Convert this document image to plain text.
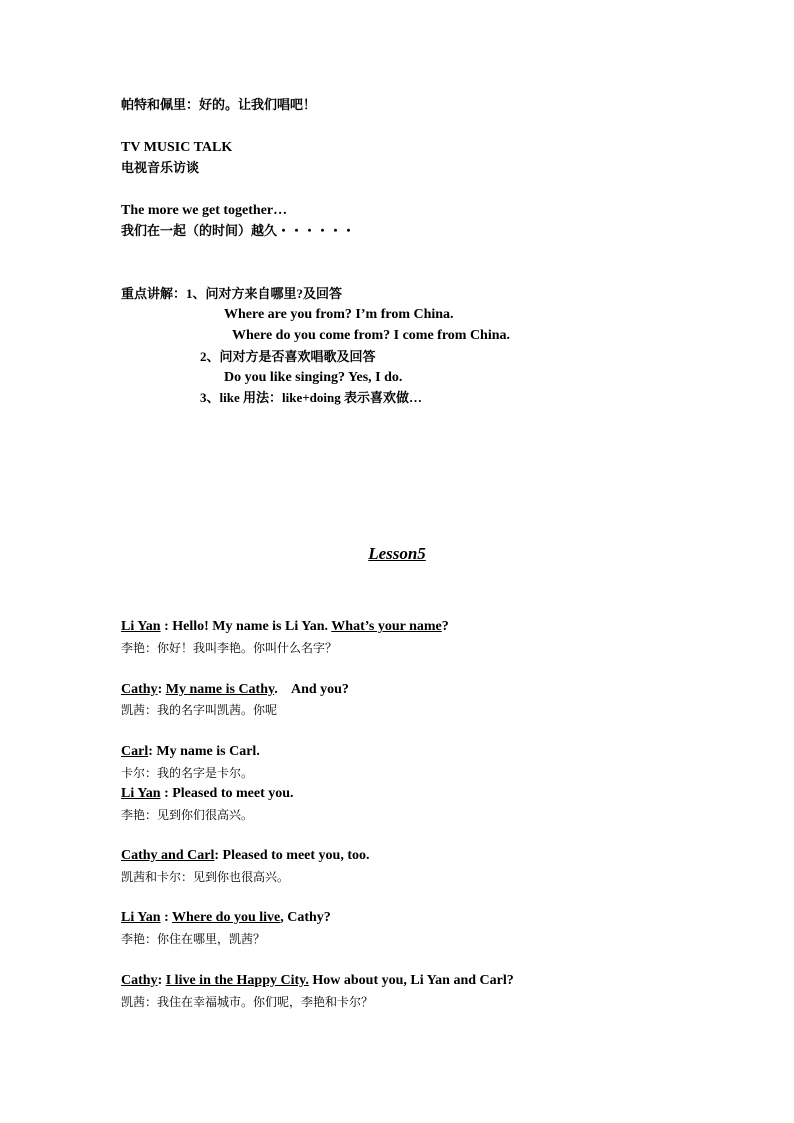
帕特和佩里：好的。让我们唱吧！
TV MUSIC TALK
电视音乐访谈
The more we get together…
我们在一起（的时间）越久・・・・・・
重点讲解：1、问对方来自哪里?及回答
Where are you from? I’m from China.
Where do you come from? I come from China.
2、问对方是否喜欢唱歌及回答
Do you like singing? Yes, I do.
3、like 用法：like+doing 表示喜欢做…
Lesson5
Li Yan : Hello! My name is Li Yan. What’s your name?
李艳：你好！我叫李艳。你叫什么名字？
Cathy: My name is Cathy.    And you?
凯茜：我的名字叫凯茜。你呢
Carl: My name is Carl.
卡尔：我的名字是卡尔。
Li Yan : Pleased to meet you.
李艳：见到你们很高兴。
Cathy and Carl: Pleased to meet you, too.
凯茜和卡尔：见到你也很高兴。
Li Yan : Where do you live, Cathy?
李艳：你住在哪里，凯茜？
Cathy: I live in the Happy City. How about you, Li Yan and Carl?
凯茜：我住在幸福城市。你们呢，李艳和卡尔？
